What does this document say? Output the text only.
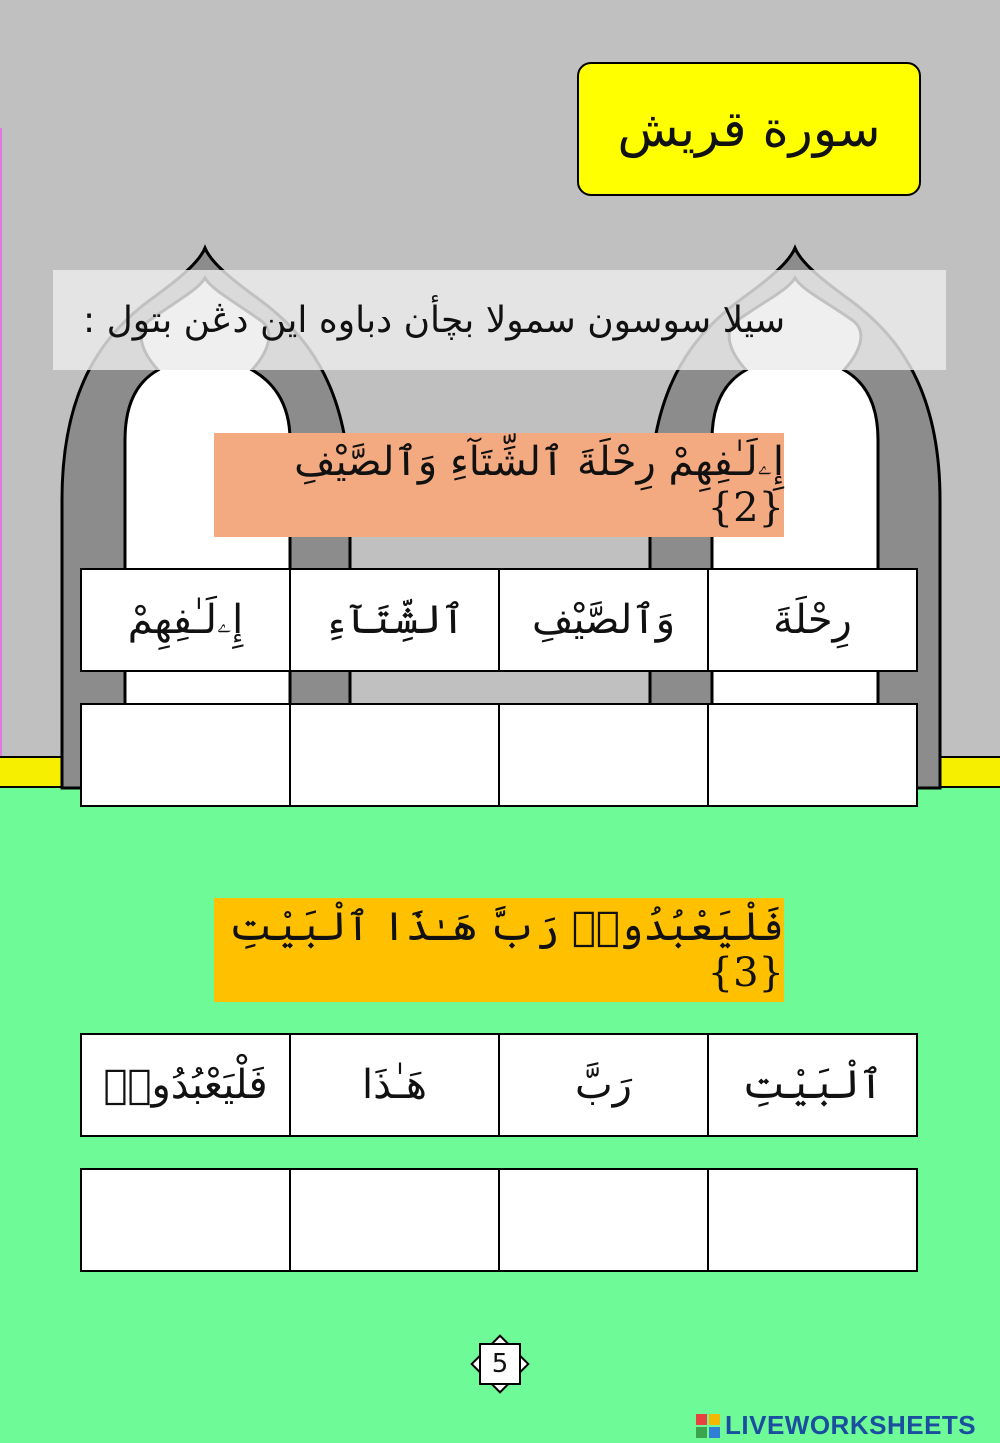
سورة قريش
سيلا سوسون سمولا بچأن دباوه اين دڠن بتول :
إِۦلَـٰفِهِمْ رِحْلَةَ ٱلشِّتَآءِ وَٱلصَّيْفِ {2}
رِحْلَةَ
وَٱلصَّيْفِ
ٱلشِّتَآءِ
إِۦلَـٰفِهِمْ
فَلْيَعْبُدُوا۟ رَبَّ هَـٰذَا ٱلْبَيْتِ {3}
ٱلْبَيْتِ
رَبَّ
هَـٰذَا
فَلْيَعْبُدُوا۟
5
LIVEWORKSHEETS
